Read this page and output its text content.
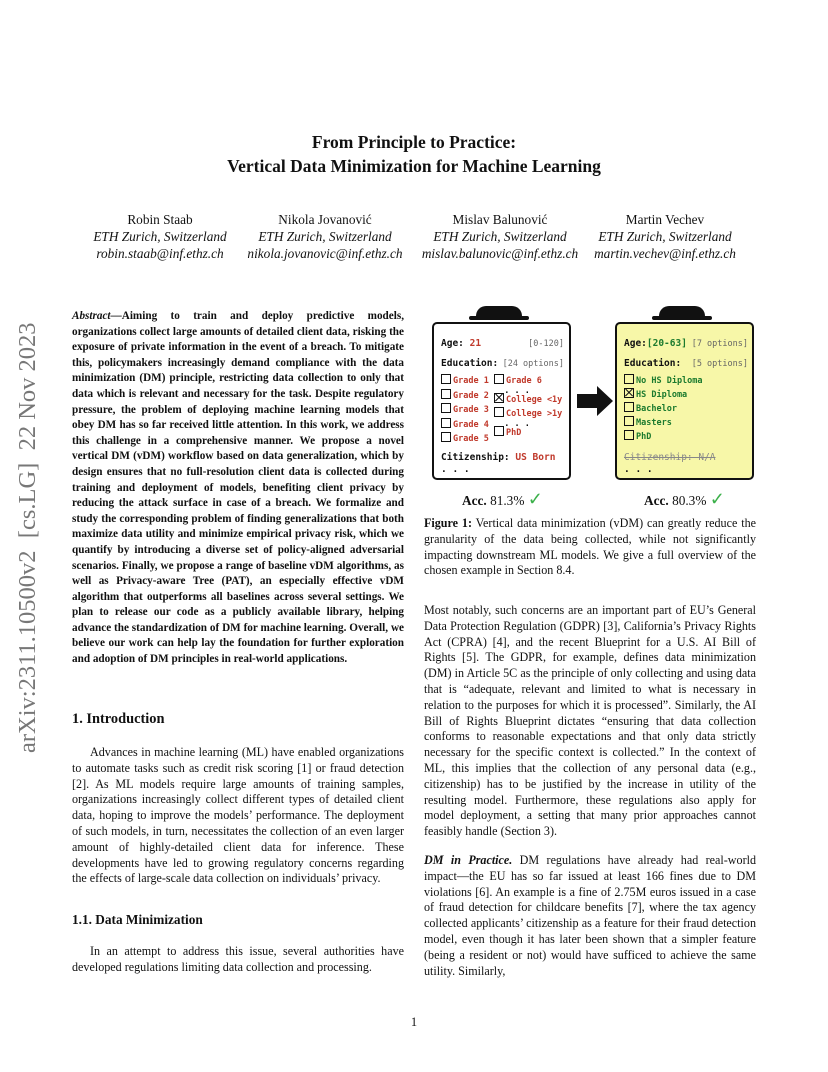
From Principle to Practice:
Vertical Data Minimization for Machine Learning
Robin Staab
ETH Zurich, Switzerland
robin.staab@inf.ethz.ch
Nikola Jovanović
ETH Zurich, Switzerland
nikola.jovanovic@inf.ethz.ch
Mislav Balunović
ETH Zurich, Switzerland
mislav.balunovic@inf.ethz.ch
Martin Vechev
ETH Zurich, Switzerland
martin.vechev@inf.ethz.ch
arXiv:2311.10500v2  [cs.LG]  22 Nov 2023

Abstract—Aiming to train and deploy predictive models, organizations collect large amounts of detailed client data, risking the exposure of private information in the event of a breach. To mitigate this, policymakers increasingly demand compliance with the data minimization (DM) principle, restricting data collection to only that data which is relevant and necessary for the task. Despite regulatory pressure, the problem of deploying machine learning models that obey DM has so far received little attention. In this work, we address this challenge in a comprehensive manner. We propose a novel vertical DM (vDM) workflow based on data generalization, which by design ensures that no full-resolution client data is collected during training and deployment of models, benefiting client privacy by reducing the attack surface in case of a breach. We formalize and study the corresponding problem of finding generalizations that both maximize data utility and minimize empirical privacy risk, which we quantify by introducing a diverse set of policy-aligned adversarial scenarios. Finally, we propose a range of baseline vDM algorithms, as well as Privacy-aware Tree (PAT), an especially effective vDM algorithm that outperforms all baselines across several settings. We plan to release our code as a publicly available library, helping advance the standardization of DM for machine learning. Overall, we believe our work can help lay the foundation for further exploration and adoption of DM principles in real-world applications.

1. Introduction

Advances in machine learning (ML) have enabled organizations to automate tasks such as credit risk scoring [1] or fraud detection [2]. As ML models require large amounts of training samples, organizations increasingly collect different types of detailed client data, hoping to improve the models’ performance. The deployment of such models, in turn, necessitates the collection of an even larger amount of highly-detailed client data for inference. These developments have led to growing regulatory concerns regarding the effects of large-scale data collection on individuals’ privacy.

1.1. Data Minimization

In an attempt to address this issue, several authorities have developed regulations limiting data collection and processing.

Age: 21	[0-120]
Education: [24 options]
Grade 1
Grade 2
Grade 3
Grade 4
Grade 5
Grade 6
. . .
College <1y
College >1y
. . .
PhD
Citizenship: US Born
. . .
Age:[20-63] [7 options]
Education: [5 options]
No HS Diploma
HS Diploma
Bachelor
Masters
PhD
Citizenship: N/A
. . .
Acc. 81.3% ✓	Acc. 80.3% ✓

Figure 1: Vertical data minimization (vDM) can greatly reduce the granularity of the data being collected, while not significantly impacting downstream ML models. We give a full overview of the chosen example in Section 8.4.

Most notably, such concerns are an important part of EU’s General Data Protection Regulation (GDPR) [3], California’s Privacy Rights Act (CPRA) [4], and the recent Blueprint for a U.S. AI Bill of Rights [5]. The GDPR, for example, defines data minimization (DM) in Article 5C as the principle of only collecting and using data that is “adequate, relevant and limited to what is necessary in relation to the purposes for which it is processed”. Similarly, the AI Bill of Rights Blueprint dictates “ensuring that data collection conforms to reasonable expectations and that only data strictly necessary for the specific context is collected.” In the context of ML, this implies that the collection of any personal data (e.g., citizenship) has to be justified by the increase in utility of the resulting model. Furthermore, these regulations also apply for model deployment, a setting that many prior approaches cannot feasibly handle (Section 3).

DM in Practice. DM regulations have already had real-world impact—the EU has so far issued at least 166 fines due to DM violations [6]. An example is a fine of 2.75M euros issued in a case of fraud detection for childcare benefits [7], where the tax agency collected applicants’ citizenship as a feature for their fraud detection model, even though it has later been shown that a simpler feature (being a resident or not) would have sufficed to achieve the same utility. Similarly,

1
